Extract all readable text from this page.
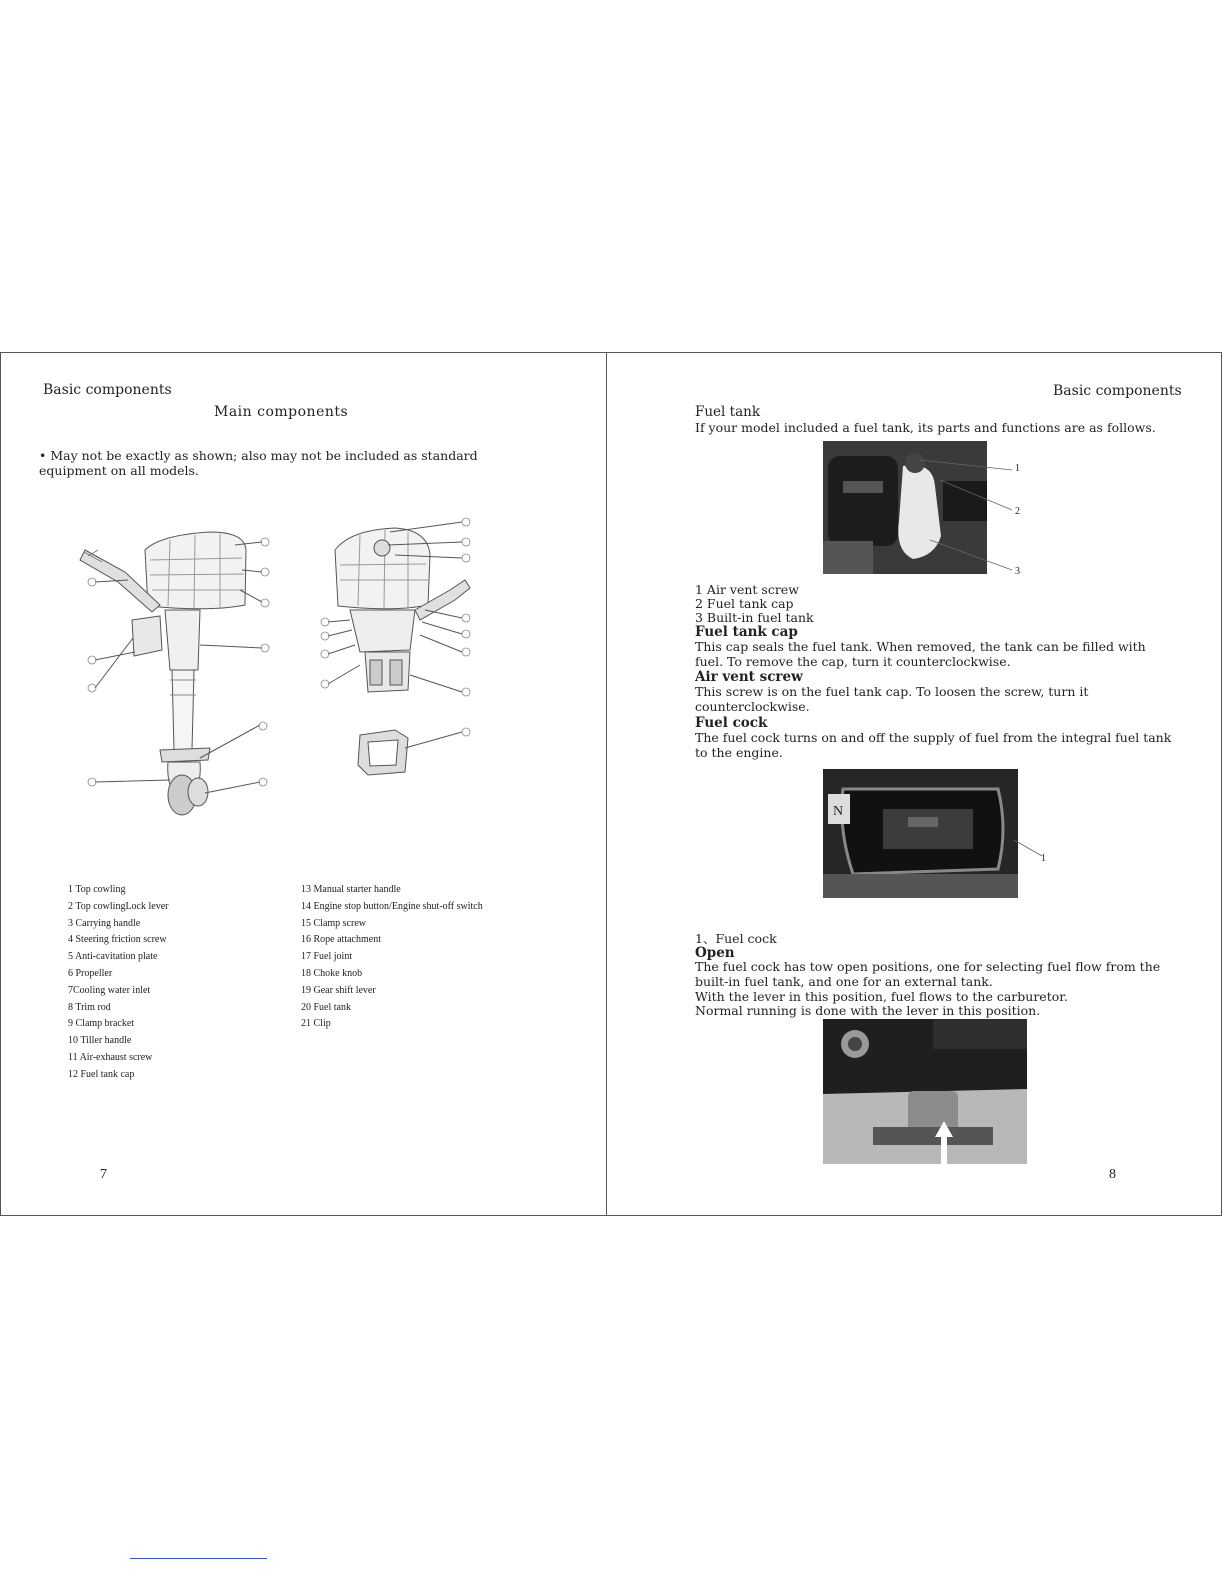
Basic components
Main components
• May not be exactly as shown; also may not be included as standard equipment on all models.
1 Top cowling
2 Top cowlingLock lever
3 Carrying handle
4 Steering friction screw
5 Anti-cavitation plate
6 Propeller
7Cooling water inlet
8 Trim rod
9 Clamp bracket
10 Tiller handle
11 Air-exhaust screw
12 Fuel tank cap
13 Manual starter handle
14 Engine stop button/Engine shut-off switch
15 Clamp screw
16 Rope attachment
17 Fuel joint
18 Choke knob
19 Gear shift lever
20 Fuel tank
21 Clip
7
Basic components
Fuel tank
If your model included a fuel tank, its parts and functions are as follows.
1
2
3
1 Air vent screw
2 Fuel tank cap
3 Built-in fuel tank
Fuel tank cap
This cap seals the fuel tank. When removed, the tank can be filled with fuel. To remove the cap, turn it counterclockwise.
Air vent screw
This screw is on the fuel tank cap. To loosen the screw, turn it counterclockwise.
Fuel cock
The fuel cock turns on and off the supply of fuel from the integral fuel tank to the engine.
N
1
1、Fuel cock
Open
The fuel cock has tow open positions, one for selecting fuel flow from the built-in fuel tank, and one for an external tank.
With the lever in this position, fuel flows to the carburetor.
Normal running is done with the lever in this position.
8
